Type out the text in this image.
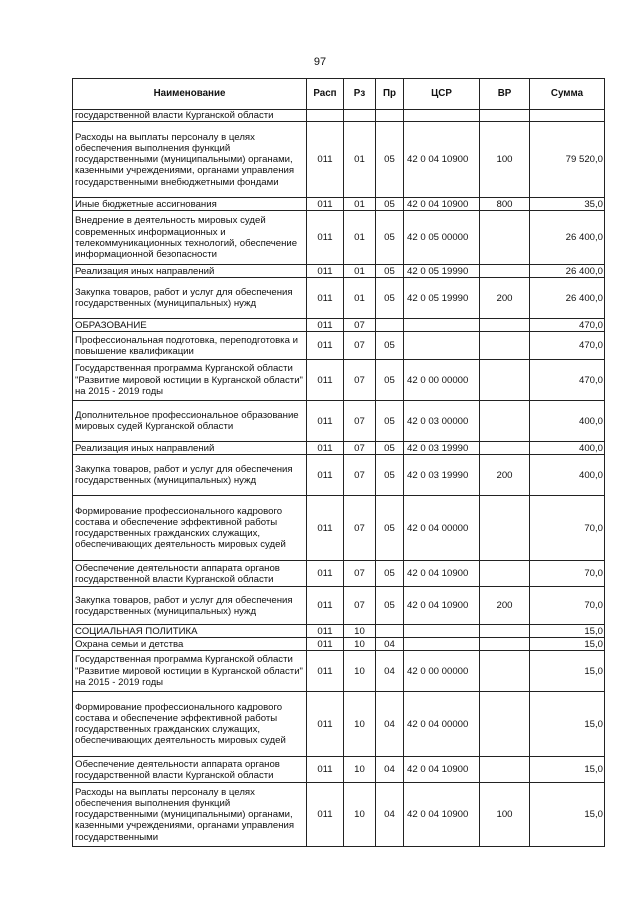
97
Наименование	Расп	Рз	Пр	ЦСР	ВР	Сумма
государственной власти Курганской области						
Расходы на выплаты персоналу в целях обеспечения выполнения функций государственными (муниципальными) органами, казенными учреждениями, органами управления государственными внебюджетными фондами	011	01	05	42 0 04 10900	100	79 520,0
Иные бюджетные ассигнования	011	01	05	42 0 04 10900	800	35,0
Внедрение в деятельность мировых судей современных информационных и телекоммуникационных технологий, обеспечение информационной безопасности	011	01	05	42 0 05 00000		26 400,0
Реализация иных направлений	011	01	05	42 0 05 19990		26 400,0
Закупка товаров, работ и услуг для обеспечения государственных (муниципальных) нужд	011	01	05	42 0 05 19990	200	26 400,0
ОБРАЗОВАНИЕ	011	07				470,0
Профессиональная подготовка, переподготовка и повышение квалификации	011	07	05			470,0
Государственная программа Курганской области "Развитие мировой юстиции в Курганской области" на 2015 - 2019 годы	011	07	05	42 0 00 00000		470,0
Дополнительное профессиональное образование мировых судей Курганской области	011	07	05	42 0 03 00000		400,0
Реализация иных направлений	011	07	05	42 0 03 19990		400,0
Закупка товаров, работ и услуг для обеспечения государственных (муниципальных) нужд	011	07	05	42 0 03 19990	200	400,0
Формирование профессионального кадрового состава и обеспечение эффективной работы государственных гражданских служащих, обеспечивающих деятельность мировых судей	011	07	05	42 0 04 00000		70,0
Обеспечение деятельности аппарата органов государственной власти Курганской области	011	07	05	42 0 04 10900		70,0
Закупка товаров, работ и услуг для обеспечения государственных (муниципальных) нужд	011	07	05	42 0 04 10900	200	70,0
СОЦИАЛЬНАЯ ПОЛИТИКА	011	10				15,0
Охрана семьи и детства	011	10	04			15,0
Государственная программа Курганской области "Развитие мировой юстиции в Курганской области" на 2015 - 2019 годы	011	10	04	42 0 00 00000		15,0
Формирование профессионального кадрового состава и обеспечение эффективной работы государственных гражданских служащих, обеспечивающих деятельность мировых судей	011	10	04	42 0 04 00000		15,0
Обеспечение деятельности аппарата органов государственной власти Курганской области	011	10	04	42 0 04 10900		15,0
Расходы на выплаты персоналу в целях обеспечения выполнения функций государственными (муниципальными) органами, казенными учреждениями, органами управления государственными	011	10	04	42 0 04 10900	100	15,0
